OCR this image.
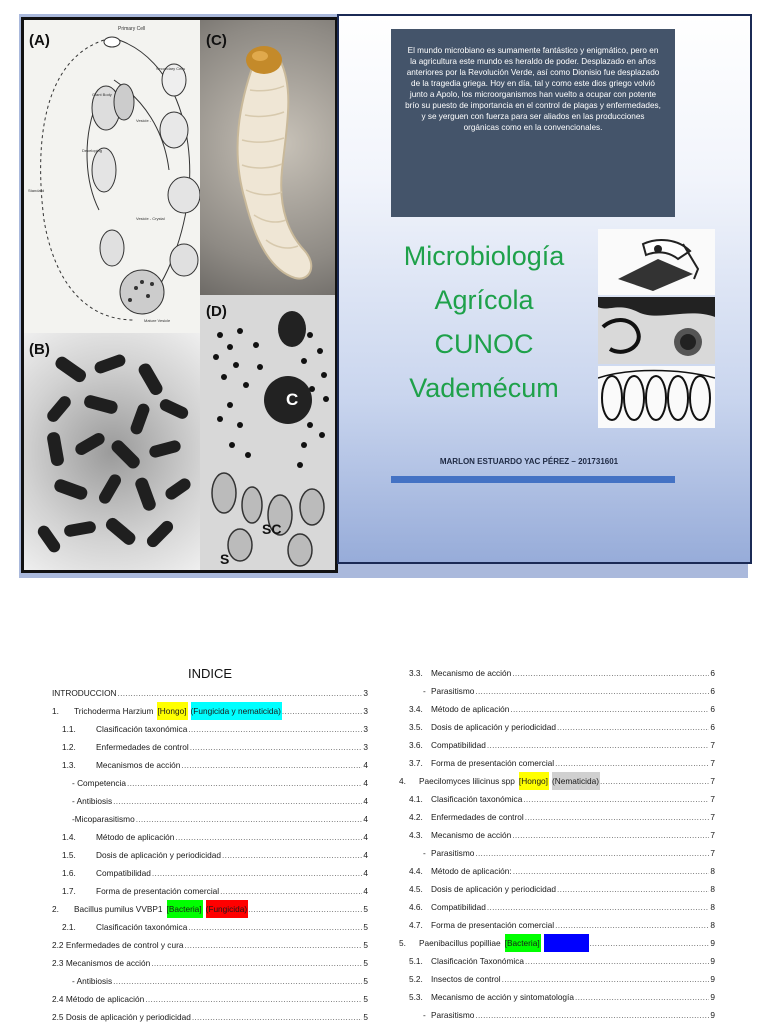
(A)
Primary Cell
Secondary Cells
Giant Body
Vesicle -
Developing
Vesicle - Crystal
Mature Vesicle
Standard
(C)
(B)
(D)
C
SC
S
El mundo microbiano es sumamente fantástico y enigmático, pero en la agricultura este mundo es heraldo de poder. Desplazado en años anteriores por la Revolución Verde, así como Dionisio fue desplazado de la tragedia griega. Hoy en día, tal y como este dios griego volvió junto a Apolo, los microorganismos han vuelto a ocupar con potente brío su puesto de importancia en el control de plagas y enfermedades, y se yerguen con fuerza para ser aliados en las producciones orgánicas como en la convencionales.
Microbiología
Agrícola
CUNOC
Vademécum
MARLON ESTUARDO YAC PÉREZ – 201731601
INDICE
INTRODUCCION .....	3
1. Trichoderma Harzium [Hongo] (Fungicida y nematicida) .....	3
1.1. Clasificación taxonómica .....	3
1.2. Enfermedades de control .....	3
1.3. Mecanismos de acción .....	4
- Competencia .....	4
- Antibiosis .....	4
-Micoparasitismo .....	4
1.4. Método de aplicación .....	4
1.5. Dosis de aplicación y periodicidad .....	4
1.6. Compatibilidad .....	4
1.7. Forma de presentación comercial .....	4
2. Bacillus pumilus VVBP1 [Bacteria] (Fungicida) .....	5
2.1. Clasificación taxonómica .....	5
2.2 Enfermedades de control y cura .....	5
2.3 Mecanismos de acción .....	5
- Antibiosis .....	5
2.4 Método de aplicación .....	5
2.5 Dosis de aplicación y periodicidad .....	5
3.3. Mecanismo de acción .....	6
- Parasitismo .....	6
3.4. Método de aplicación .....	6
3.5. Dosis de aplicación y periodicidad .....	6
3.6. Compatibilidad .....	7
3.7. Forma de presentación comercial .....	7
4. Paecilomyces lilicinus spp [Hongo] (Nematicida) .....	7
4.1. Clasificación taxonómica .....	7
4.2. Enfermedades de control .....	7
4.3. Mecanismo de acción .....	7
- Parasitismo .....	7
4.4. Método de aplicación: .....	8
4.5. Dosis de aplicación y periodicidad .....	8
4.6. Compatibilidad .....	8
4.7. Forma de presentación comercial .....	8
5. Paenibacillus popilliae [Bacteria] (Insecticida) .....	9
5.1. Clasificación Taxonómica .....	9
5.2. Insectos de control .....	9
5.3. Mecanismo de acción y sintomatología .....	9
- Parasitismo .....	9
